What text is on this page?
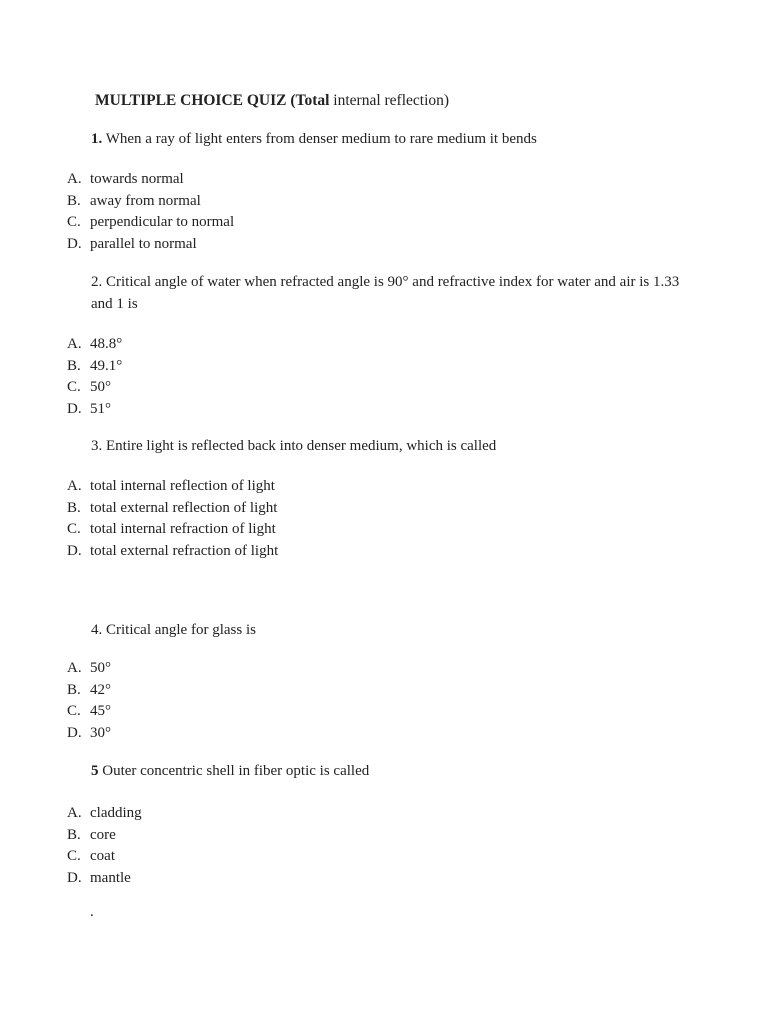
MULTIPLE CHOICE QUIZ (Total internal reflection)
1. When a ray of light enters from denser medium to rare medium it bends
A. towards normal
B. away from normal
C. perpendicular to normal
D. parallel to normal
2. Critical angle of water when refracted angle is 90° and refractive index for water and air is 1.33 and 1 is
A. 48.8°
B. 49.1°
C. 50°
D. 51°
3. Entire light is reflected back into denser medium, which is called
A. total internal reflection of light
B. total external reflection of light
C. total internal refraction of light
D. total external refraction of light
4. Critical angle for glass is
A. 50°
B. 42°
C. 45°
D. 30°
5 Outer concentric shell in fiber optic is called
A. cladding
B. core
C. coat
D. mantle
.
